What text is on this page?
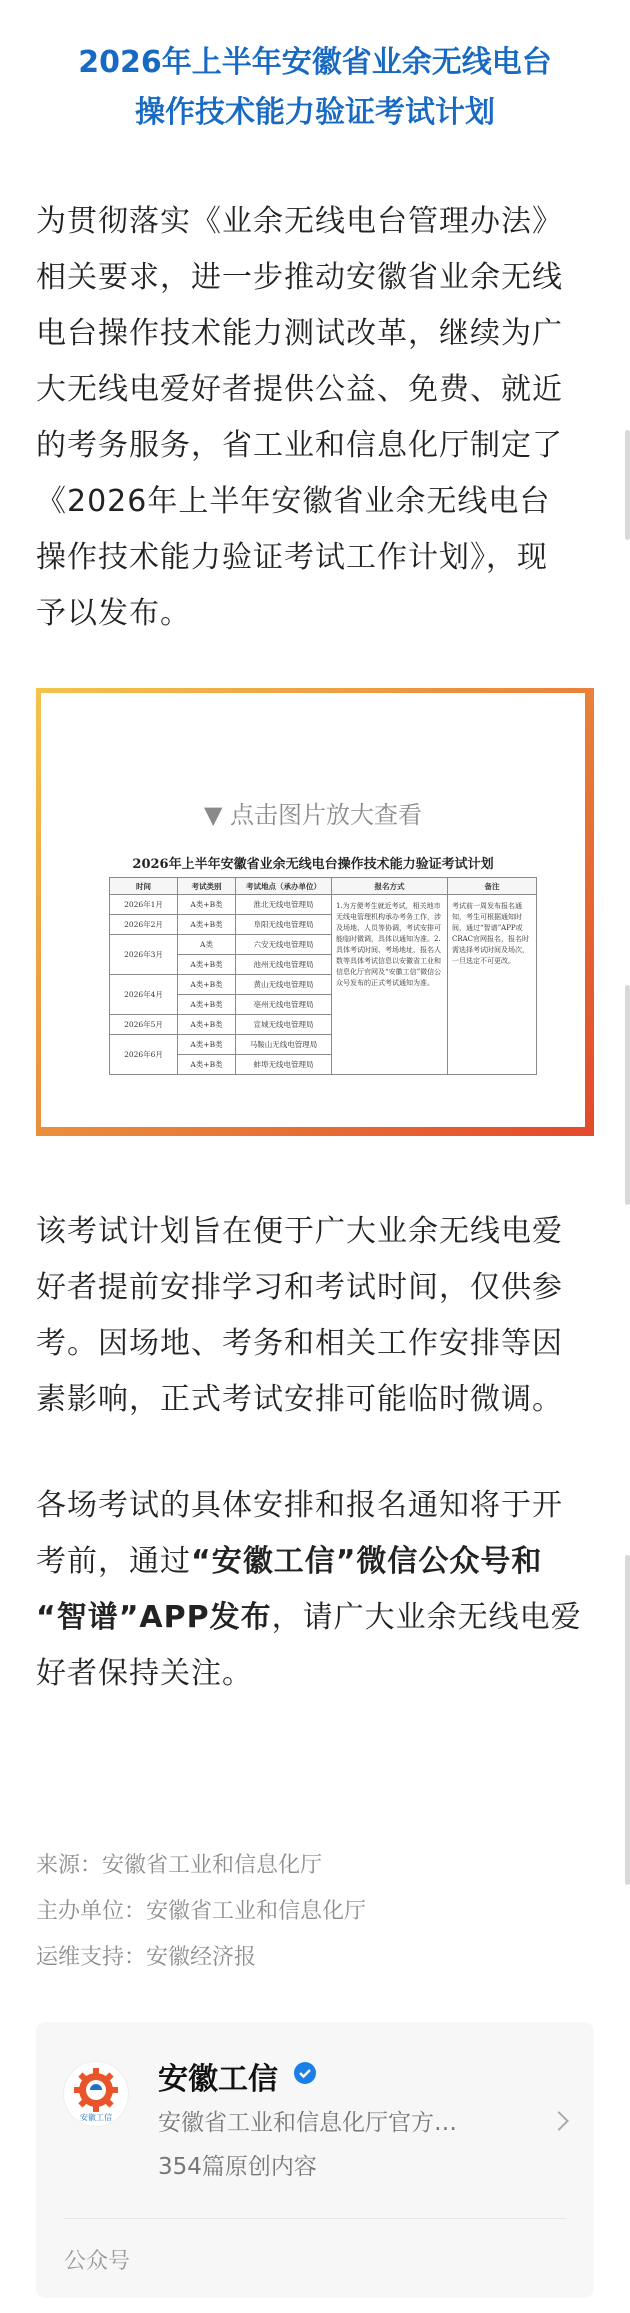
2026年上半年安徽省业余无线电台
操作技术能力验证考试计划
为贯彻落实《业余无线电台管理办法》
相关要求，进一步推动安徽省业余无线
电台操作技术能力测试改革，继续为广
大无线电爱好者提供公益、免费、就近
的考务服务，省工业和信息化厅制定了
《2026年上半年安徽省业余无线电台
操作技术能力验证考试工作计划》，现
予以发布。
▼ 点击图片放大查看
2026年上半年安徽省业余无线电台操作技术能力验证考试计划
时间	考试类别	考试地点（承办单位）	报名方式	备注
2026年1月	A类+B类	淮北无线电管理局	1.为方便考生就近考试，相关地市无线电管理机构承办考务工作，涉及场地、人员等协调，考试安排可能临时微调，具体以通知为准。2.具体考试时间、考场地址、报名人数等具体考试信息以安徽省工业和信息化厅官网及“安徽工信”微信公众号发布的正式考试通知为准。	考试前一周发布报名通知，考生可根据通知时间，通过“智谱”APP或CRAC官网报名，报名时需选择考试时间及场次，一旦选定不可更改。
2026年2月	A类+B类	阜阳无线电管理局		
2026年3月	A类	六安无线电管理局		
	A类+B类	池州无线电管理局		
2026年4月	A类+B类	黄山无线电管理局		
	A类+B类	亳州无线电管理局		
2026年5月	A类+B类	宣城无线电管理局		
2026年6月	A类+B类	马鞍山无线电管理局		
	A类+B类	蚌埠无线电管理局		
该考试计划旨在便于广大业余无线电爱
好者提前安排学习和考试时间，仅供参
考。因场地、考务和相关工作安排等因
素影响，正式考试安排可能临时微调。
各场考试的具体安排和报名通知将于开
考前，通过“安徽工信”微信公众号和
“智谱”APP发布，请广大业余无线电爱
好者保持关注。
来源：安徽省工业和信息化厅
主办单位：安徽省工业和信息化厅
运维支持：安徽经济报
安徽工信
安徽工信
安徽省工业和信息化厅官方…
354篇原创内容
公众号
